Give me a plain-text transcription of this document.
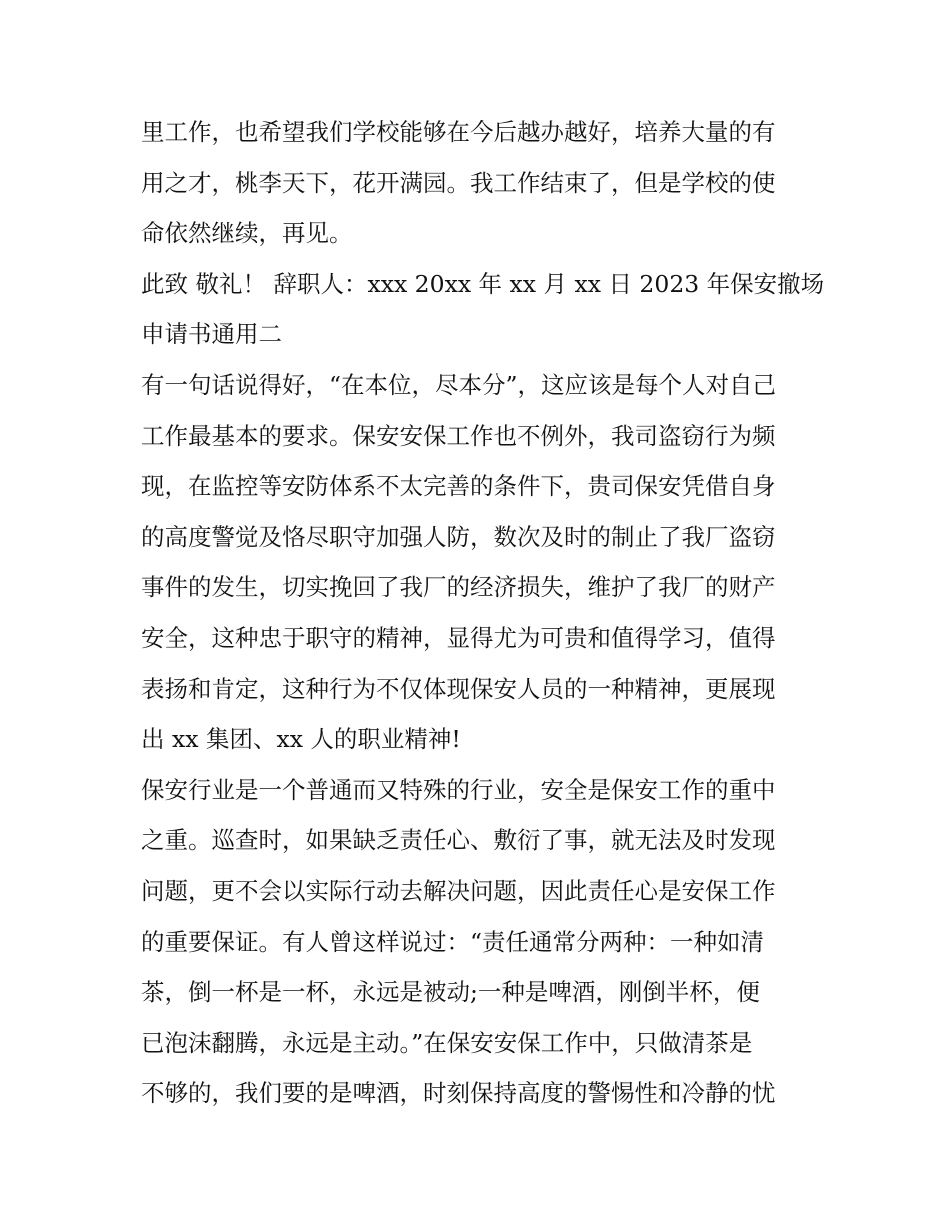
里工作，也希望我们学校能够在今后越办越好，培养大量的有
用之才，桃李天下，花开满园。我工作结束了，但是学校的使
命依然继续，再见。
此致 敬礼！ 辞职人：xxx 20xx 年 xx 月 xx 日 2023 年保安撤场
申请书通用二
有一句话说得好，“在本位，尽本分”，这应该是每个人对自己
工作最基本的要求。保安安保工作也不例外，我司盗窃行为频
现，在监控等安防体系不太完善的条件下，贵司保安凭借自身
的高度警觉及恪尽职守加强人防，数次及时的制止了我厂盗窃
事件的发生，切实挽回了我厂的经济损失，维护了我厂的财产
安全，这种忠于职守的精神，显得尤为可贵和值得学习，值得
表扬和肯定，这种行为不仅体现保安人员的一种精神，更展现
出 xx 集团、xx 人的职业精神!
保安行业是一个普通而又特殊的行业，安全是保安工作的重中
之重。巡查时，如果缺乏责任心、敷衍了事，就无法及时发现
问题，更不会以实际行动去解决问题，因此责任心是安保工作
的重要保证。有人曾这样说过：“责任通常分两种：一种如清
茶，倒一杯是一杯，永远是被动;一种是啤酒，刚倒半杯，便
已泡沫翻腾，永远是主动。”在保安安保工作中，只做清茶是
不够的，我们要的是啤酒，时刻保持高度的警惕性和冷静的忧
